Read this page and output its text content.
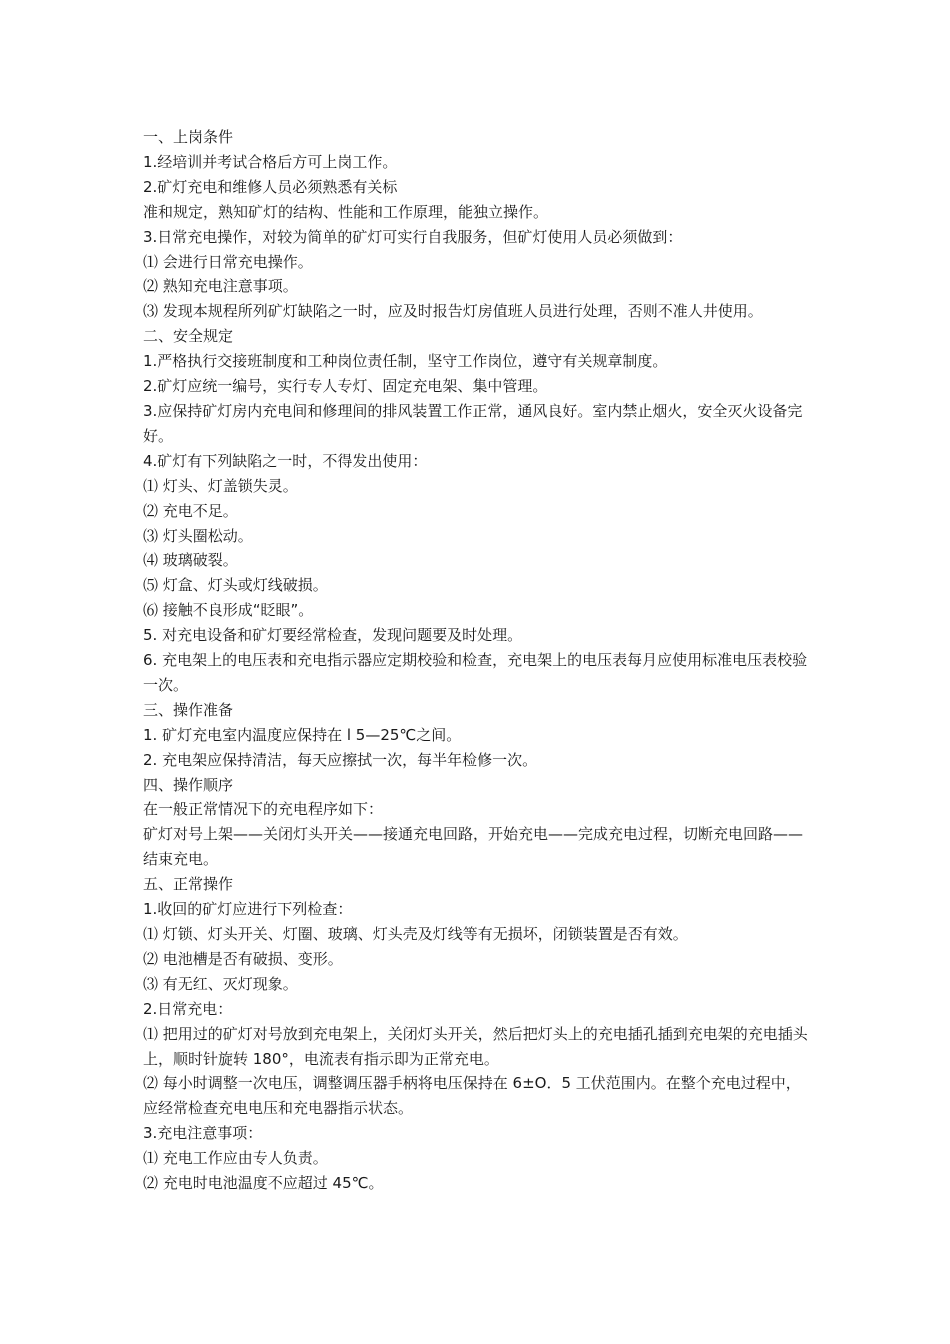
一、上岗条件

1.经培训并考试合格后方可上岗工作。

2.矿灯充电和维修人员必须熟悉有关标

准和规定，熟知矿灯的结构、性能和工作原理，能独立操作。

3.日常充电操作，对较为简单的矿灯可实行自我服务，但矿灯使用人员必须做到：

⑴ 会进行日常充电操作。

⑵ 熟知充电注意事项。

⑶ 发现本规程所列矿灯缺陷之一时，应及时报告灯房值班人员进行处理，否则不准人井使用。

二、安全规定

1.严格执行交接班制度和工种岗位责任制，坚守工作岗位，遵守有关规章制度。

2.矿灯应统一编号，实行专人专灯、固定充电架、集中管理。

3.应保持矿灯房内充电间和修理间的排风装置工作正常，通风良好。室内禁止烟火，安全灭火设备完好。

4.矿灯有下列缺陷之一时，不得发出使用：

⑴ 灯头、灯盖锁失灵。

⑵ 充电不足。

⑶ 灯头圈松动。

⑷ 玻璃破裂。

⑸ 灯盒、灯头或灯线破损。

⑹ 接触不良形成“眨眼”。

5. 对充电设备和矿灯要经常检查，发现问题要及时处理。

6. 充电架上的电压表和充电指示器应定期校验和检查，充电架上的电压表每月应使用标准电压表校验一次。

三、操作准备

1. 矿灯充电室内温度应保持在 l 5—25℃之间。

2. 充电架应保持清洁，每天应擦拭一次，每半年检修一次。

四、操作顺序

在一般正常情况下的充电程序如下：

矿灯对号上架——关闭灯头开关——接通充电回路，开始充电——完成充电过程，切断充电回路——结束充电。

五、正常操作

1.收回的矿灯应进行下列检查：

⑴ 灯锁、灯头开关、灯圈、玻璃、灯头壳及灯线等有无损坏，闭锁装置是否有效。

⑵ 电池槽是否有破损、变形。

⑶ 有无红、灭灯现象。

2.日常充电：

⑴ 把用过的矿灯对号放到充电架上，关闭灯头开关，然后把灯头上的充电插孔插到充电架的充电插头上，顺时针旋转 180°，电流表有指示即为正常充电。

⑵ 每小时调整一次电压，调整调压器手柄将电压保持在 6±O．5 工伏范围内。在整个充电过程中，应经常检查充电电压和充电器指示状态。

3.充电注意事项：

⑴ 充电工作应由专人负责。

⑵ 充电时电池温度不应超过 45℃。
